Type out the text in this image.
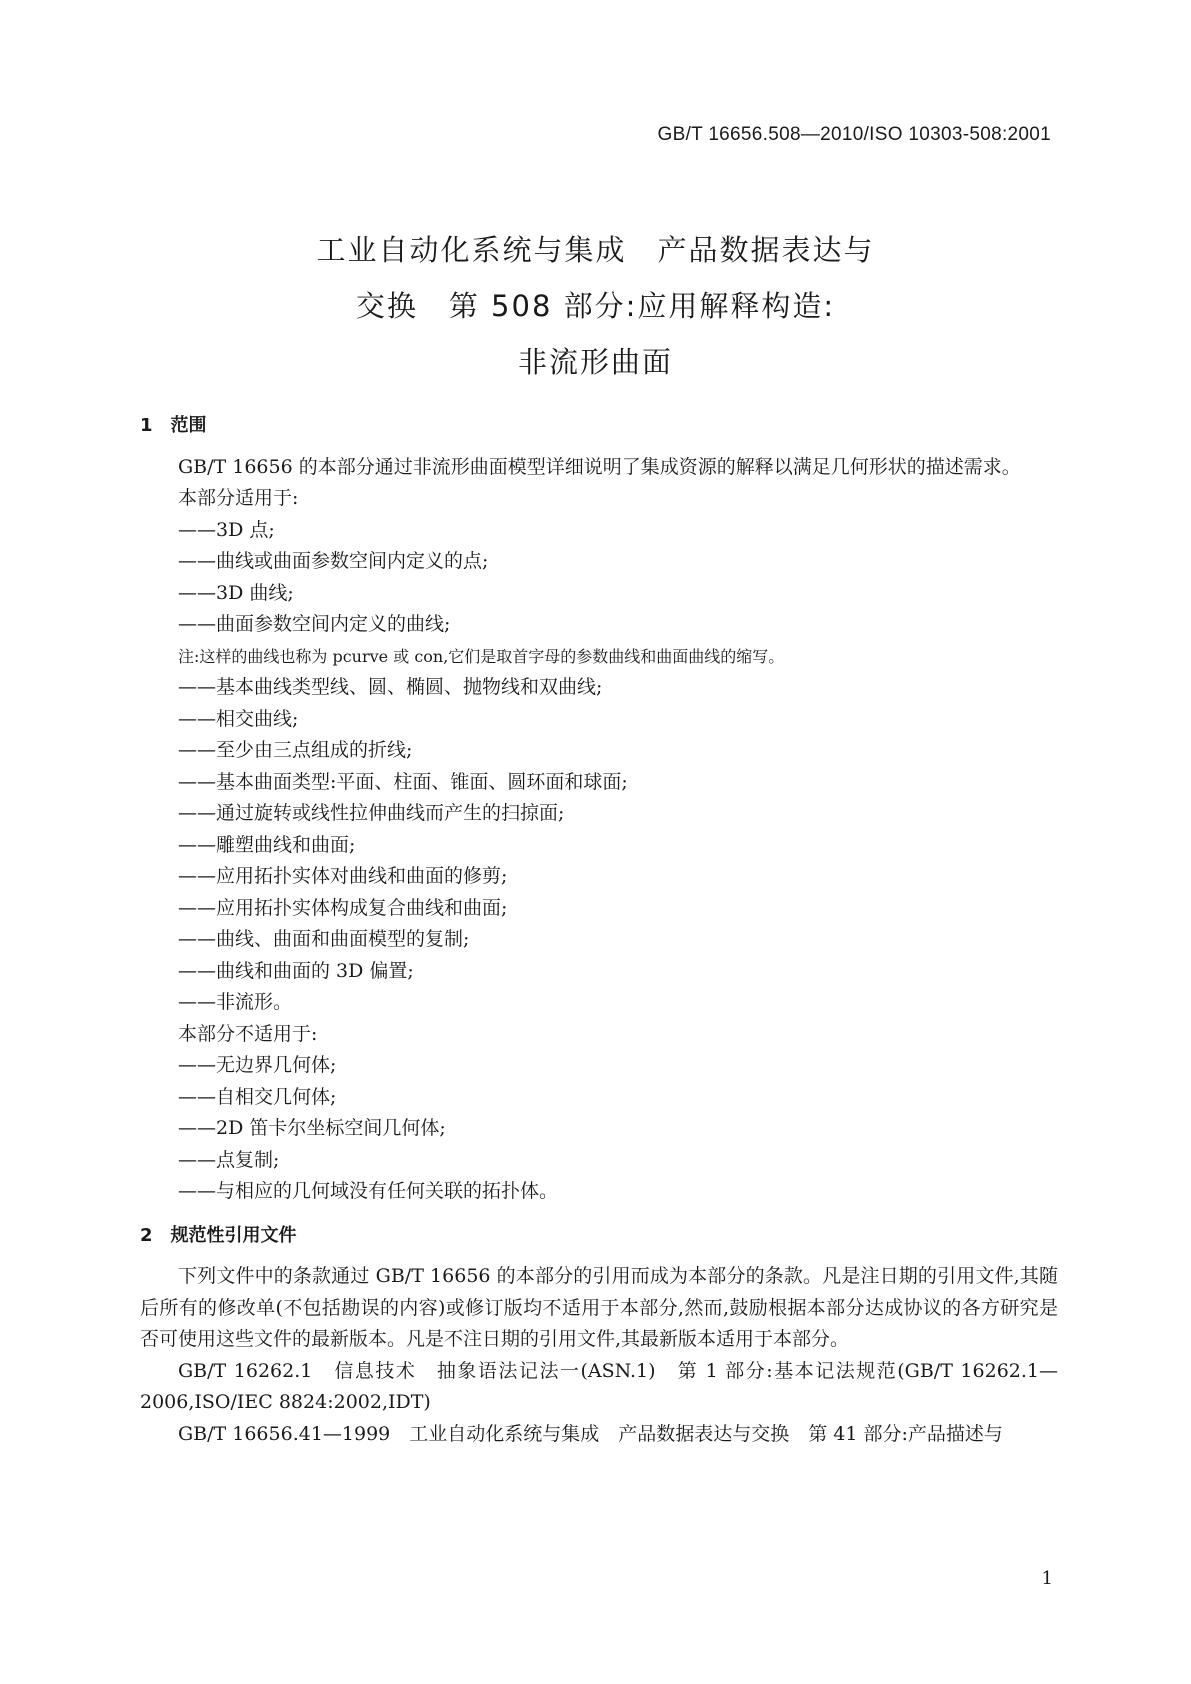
GB/T 16656.508—2010/ISO 10303-508:2001
工业自动化系统与集成　产品数据表达与
交换　第 508 部分:应用解释构造:
非流形曲面

1　范围

GB/T 16656 的本部分通过非流形曲面模型详细说明了集成资源的解释以满足几何形状的描述需求。

本部分适用于:

——3D 点;

——曲线或曲面参数空间内定义的点;

——3D 曲线;

——曲面参数空间内定义的曲线;

注:这样的曲线也称为 pcurve 或 con,它们是取首字母的参数曲线和曲面曲线的缩写。

——基本曲线类型线、圆、椭圆、抛物线和双曲线;

——相交曲线;

——至少由三点组成的折线;

——基本曲面类型:平面、柱面、锥面、圆环面和球面;

——通过旋转或线性拉伸曲线而产生的扫掠面;

——雕塑曲线和曲面;

——应用拓扑实体对曲线和曲面的修剪;

——应用拓扑实体构成复合曲线和曲面;

——曲线、曲面和曲面模型的复制;

——曲线和曲面的 3D 偏置;

——非流形。

本部分不适用于:

——无边界几何体;

——自相交几何体;

——2D 笛卡尔坐标空间几何体;

——点复制;

——与相应的几何域没有任何关联的拓扑体。

2　规范性引用文件

下列文件中的条款通过 GB/T 16656 的本部分的引用而成为本部分的条款。凡是注日期的引用文件,其随后所有的修改单(不包括勘误的内容)或修订版均不适用于本部分,然而,鼓励根据本部分达成协议的各方研究是否可使用这些文件的最新版本。凡是不注日期的引用文件,其最新版本适用于本部分。

GB/T 16262.1　信息技术　抽象语法记法一(ASN.1)　第 1 部分:基本记法规范(GB/T 16262.1—2006,ISO/IEC 8824:2002,IDT)

GB/T 16656.41—1999　工业自动化系统与集成　产品数据表达与交换　第 41 部分:产品描述与

1
